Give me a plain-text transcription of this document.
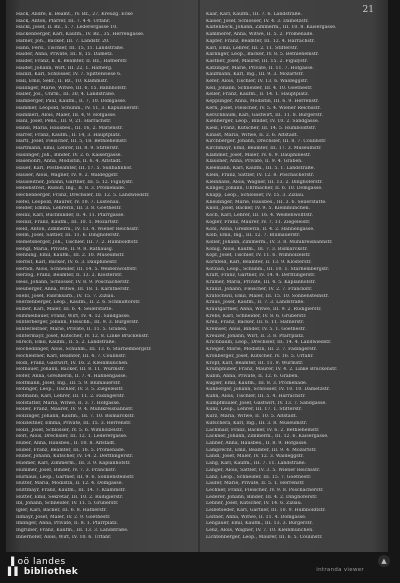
21
Hack, Andre, k. Beamt., IV. Bz., 27, Kreuzg. Ecke
Hack, Anton, Pfarrer, III. 7. 4 4. Urfahr.
Hackl, Josef, II. Bz., 5. 7. Lederergasse 10.
Hackenberger, Karl, Kaufm., IV. Bz., 35, Herrengasse.
Hafner, Joh., Bäcker, III. 7. Landstr. 20.
Hahn, Ferd., Tischler, III. 15, 11. Landstraße.
Haider, Anna, Private, III. 8, 15. Dametz.
Haider, Franz, k. k. Beamter, II. Bz., Hafnerstr.
Haider, Johann, Wirt, III. 22, 1. Hafnerg.
Hainzl, Karl, Schlosser, IV. 7. Spittelwiese 6.
Hall, Emil, Sekr., II. Bz., 10. Klammstr.
Hallinger, Marie, Witwe, III. 6. 15. Bahnhofstr.
Haller, Jos., Uhrm., III. 30, 4. Landstraße.
Hamberger, Paul, Kaufm., II. 7, 10. Domgasse.
Hammer, Leopold, Schuhm., IV. 11, 3. Kapuzinerstr.
Hammerl, Alois, Maler, III. 4, 9. Hofgasse.
Hanl, Josef, Pens., III. 9, 21. Harrachstr.
Hansl, Maria, Hausbes., III. 16, 2. Marienstr.
Harrer, Franz, Kaufm., II. 14, 3. Hauptplatz.
Hartl, Josef, Fleischer, III. 5, 18. Bethlehemstr.
Hartmann, Emil, Lehrer, III. 8. 9. Stifterstr.
Haslinger, Joh., Binder, IV. 2. 6. Kaisergasse.
Hasenöhrl, Anna, Modistin, II. 6. 4. Altstadt.
Hauer, Karl, Postbeamter, III. 17. 5. Südbahnhof.
Hauser, Alois, Wagner, IV. 9. 2. Waldeggstr.
Hausleitner, Johann, Gärtner, III. 5. 12. Figulystr.
Hebenstreit, Rudolf, Ing., II. 8. 3. Promenade.
Hechenberger, Franz, Drechsler, III. 12. 5. Landwiedstr.
Hefel, Leopold, Maurer, IV. 10. 7. Lustenau.
Heider, Emma, Lehrerin, III. 3. 8. Goethestr.
Heinz, Karl, Buchbinder, II. 4. 11. Pfarrgasse.
Heinzl, Franz, Kaufm., III. 10. 1. Mozartstr.
Held, Anton, Zimmerm., IV. 13. 4. Wiener Reichsstr.
Helm, Josef, Sattler, III. 11. 6. Dinghoferstr.
Hemetsberger, Joh., Tischler, III. 7. 2. Humboldtstr.
Hengl, Maria, Private, II. 9. 8. Rathausg.
Henning, Emil, Kaufm., III. 2. 10. Museumstr.
Herbst, Karl, Bäcker, IV. 6. 3. Dauphinestr.
Herndl, Alois, Schneider, III. 14. 5. Weißenwolffstr.
Herzog, Franz, Beamter, II. 13. 2. Klosterstr.
Hess, Johann, Schlosser, IV. 8. 9. Poschacherstr.
Heuberger, Anna, Witwe, III. 18. 1. Kärntnerstr.
Hiebl, Josef, Fabriksarb., IV. 15. 7. Zizlau.
Hierzenberger, Leop., Kaufm., II. 2. 6. Schmidtorstr.
Hilber, Karl, Maler, III. 6. 4. Seilerstätte.
Himmelbauer, Franz, Wirt, IV. 4. 12. Sandgasse.
Hinterberger, Johann, Fleischh., III. 9. 3. Bürgerstr.
Hinterleitner, Marie, Private, II. 11. 5. Graben.
Hintermayr, Josef, Kutscher, IV. 12. 8. Linke Brückenstr.
Hirsch, Emil, Kaufm., II. 5. 2. Landstraße.
Hochedlinger, Alois, Schuhm., III. 13. 6. Starhembergstr.
Hochleitner, Karl, Beamter, III. 4. 7. Coulinstr.
Hödl, Franz, Gastwirt, IV. 16. 2. Kleinmünchen.
Hofbauer, Johann, Bäcker, III. 8. 11. Wurmstr.
Hofer, Anna, Greißlerin, II. 7. 4. Hahnengasse.
Hoffmann, Josef, Ing., III. 5. 9. Blumauerstr.
Hofinger, Leop., Tischler, IV. 3. 5. Ziegeleistr.
Hofmann, Karl, Lehrer, III. 11. 2. Fadingerstr.
Hofstätter, Maria, Witwe, II. 3. 7. Hofgasse.
Höller, Franz, Maurer, IV. 9. 4. Mühlkreisbahnstr.
Holzinger, Johann, Kaufm., III. 7. 10. Bismarckstr.
Holzleitner, Emma, Private, III. 15. 3. Herrenstr.
Hölzl, Josef, Schlosser, IV. 5. 6. Wimhölzelstr.
Hörl, Alois, Drechsler, III. 12. 1. Lederergasse.
Huber, Anna, Hausbes., II. 10. 8. Altstadt.
Huber, Franz, Beamter, III. 16. 5. Promenade.
Huber, Johann, Kutscher, IV. 14. 2. Derfflingerstr.
Huemer, Karl, Zimmerm., III. 3. 9. Kaplanhofstr.
Hummer, Josef, Binder, IV. 7. 3. Franckstr.
Hurnaus, Leop., Gärtner, III. 9. 6. Sonnensteinstr.
Hutter, Maria, Modistin, II. 12. 4. Domgasse.
Hüttmayr, Franz, Kaufm., III. 14. 7. Klammstr.
Hütter, Emil, Sekretär, III. 10. 2. Rudigierstr.
Ibl, Johann, Schneider, IV. 11. 5. Gruberstr.
Igler, Karl, Bäcker, III. 6. 8. Hafnerstr.
Illmayr, Josef, Maler, IV. 2. 9. Goethestr.
Imlinger, Anna, Private, II. 8. 1. Pfarrplatz.
Ingruber, Franz, Kaufm., III. 13. 3. Landstraße.
Innerhofer, Alois, Wirt, IV. 10. 6. Urfahr.
Kaar, Karl, Kaufm., III. 7. 6. Landstraße.
Kaiser, Josef, Schlosser, IV. 4. 3. Dametzstr.
Kaltenböck, Johann, Zimmerm., III. 10. 8. Kaisergasse.
Kammerer, Anna, Witwe, II. 5. 2. Promenade.
Kapfer, Franz, Beamter, III. 12. 4. Harrachstr.
Karl, Emil, Lehrer, III. 2. 11. Stifterstr.
Karlinger, Leop., Bäcker, IV. 8. 5. Bethlehemstr.
Kastner, Josef, Maurer, III. 15. 2. Figulystr.
Katzinger, Marie, Private, II. 11. 7. Hofgasse.
Kaufmann, Karl, Ing., III. 9. 3. Mozartstr.
Kefer, Alois, Tischler, IV. 13. 6. Waldeggstr.
Keil, Johann, Schneider, III. 4. 10. Goethestr.
Keller, Franz, Kaufm., II. 14. 1. Hauptplatz.
Kepplinger, Anna, Modistin, III. 6. 9. Herrenstr.
Kern, Josef, Fleischer, IV. 5. 4. Wiener Reichsstr.
Kerschbaum, Karl, Gastwirt, III. 11. 8. Bürgerstr.
Kienberger, Leop., Binder, IV. 10. 2. Sandgasse.
Kiesl, Franz, Kutscher, III. 14. 5. Humboldtstr.
Kinast, Maria, Witwe, II. 2. 6. Altstadt.
Kirchberger, Johann, Drechsler, III. 8. 7. Coulinstr.
Kirchmayr, Emil, Beamter, III. 17. 3. Museumstr.
Klammer, Josef, Maler, IV. 6. 9. Dauphinestr.
Klausner, Anna, Private, II. 9. 4. Graben.
Kleemann, Karl, Kaufm., III. 5. 1. Landstraße.
Klein, Franz, Sattler, IV. 12. 8. Poschacherstr.
Kleinhans, Alois, Wagner, III. 13. 2. Dinghoferstr.
Klinger, Johann, Uhrmacher, II. 6. 10. Domgasse.
Knapp, Leop., Schlosser, IV. 15. 3. Zizlau.
Kneidinger, Marie, Hausbes., III. 3. 6. Seilerstätte.
Knoll, Josef, Bäcker, IV. 9. 5. Kleinmünchen.
Koch, Karl, Lehrer, III. 16. 4. Weißenwolffstr.
Kogler, Franz, Maurer, IV. 7. 11. Ziegeleistr.
Kohl, Anna, Greißlerin, II. 4. 2. Hahnengasse.
Kolb, Emil, Ing., III. 12. 7. Blumauerstr.
Koller, Johann, Zimmerm., IV. 3. 8. Mühlkreisbahnstr.
König, Alois, Kaufm., III. 7. 3. Bismarckstr.
Köpf, Josef, Tischler, IV. 11. 6. Wimhölzelstr.
Kornfeld, Karl, Beamter, II. 13. 9. Klosterstr.
Kotzian, Leop., Schuhm., III. 10. 1. Starhembergstr.
Kraft, Franz, Gärtner, IV. 14. 4. Derfflingerstr.
Kramer, Maria, Private, III. 4. 5. Kaplanhofstr.
Kranzl, Johann, Fleischer, IV. 2. 7. Franckstr.
Kratochwil, Emil, Maler, III. 15. 10. Sonnensteinstr.
Kraus, Josef, Kaufm., II. 7. 3. Landstraße.
Krautgartner, Anna, Witwe, III. 9. 2. Rudigierstr.
Krebs, Karl, Schneider, IV. 8. 6. Gruberstr.
Kreil, Franz, Bäcker, III. 6. 11. Hafnerstr.
Kremser, Alois, Binder, IV. 5. 1. Goethestr.
Kreuzer, Johann, Wirt, II. 3. 8. Pfarrplatz.
Krichbaum, Leop., Drechsler, III. 14. 4. Landwiedstr.
Krieger, Marie, Modistin, III. 2. 7. Fadingerstr.
Kronberger, Josef, Kutscher, IV. 16. 5. Urfahr.
Kropf, Karl, Beamter, III. 11. 9. Wurmstr.
Krumphuber, Franz, Maurer, IV. 4. 2. Linke Brückenstr.
Kubin, Anna, Private, II. 12. 6. Graben.
Kugler, Emil, Kaufm., III. 8. 3. Promenade.
Kühberger, Johann, Schlosser, IV. 10. 10. Dametzstr.
Kühn, Alois, Tischler, III. 5. 4. Harrachstr.
Kumpfmüller, Josef, Gastwirt, IV. 13. 7. Sandgasse.
Kunz, Leop., Lehrer, III. 17. 1. Stifterstr.
Kurz, Maria, Witwe, II. 10. 5. Altstadt.
Kutschera, Karl, Ing., III. 3. 8. Museumstr.
Lachmair, Franz, Bäcker, IV. 6. 2. Bethlehemstr.
Lackner, Johann, Zimmerm., III. 12. 6. Kaisergasse.
Lahner, Anna, Hausbes., II. 8. 9. Hofgasse.
Lamprecht, Emil, Beamter, III. 9. 4. Mozartstr.
Landl, Josef, Maler, IV. 12. 3. Waldeggstr.
Lang, Karl, Kaufm., III. 7. 11. Landstraße.
Langer, Alois, Sattler, IV. 3. 5. Wiener Reichsstr.
Lanz, Leop., Schneider, III. 15. 7. Goethestr.
Laufer, Marie, Private, II. 5. 1. Herrenstr.
Lechner, Franz, Fleischer, IV. 9. 8. Poschacherstr.
Lederer, Johann, Binder, III. 4. 2. Dinghoferstr.
Lehner, Josef, Kutscher, IV. 14. 6. Zizlau.
Leibetseder, Karl, Gärtner, III. 10. 9. Humboldtstr.
Leitner, Anna, Witwe, II. 11. 4. Domgasse.
Lengauer, Emil, Kaufm., III. 13. 3. Bürgerstr.
Lenz, Alois, Wagner, IV. 7. 10. Kleinmünchen.
Lichtenberger, Leop., Maurer, III. 6. 5. Coulinstr.
▐ oö landes
▌▌ bibliothek	intranda viewer
▲
